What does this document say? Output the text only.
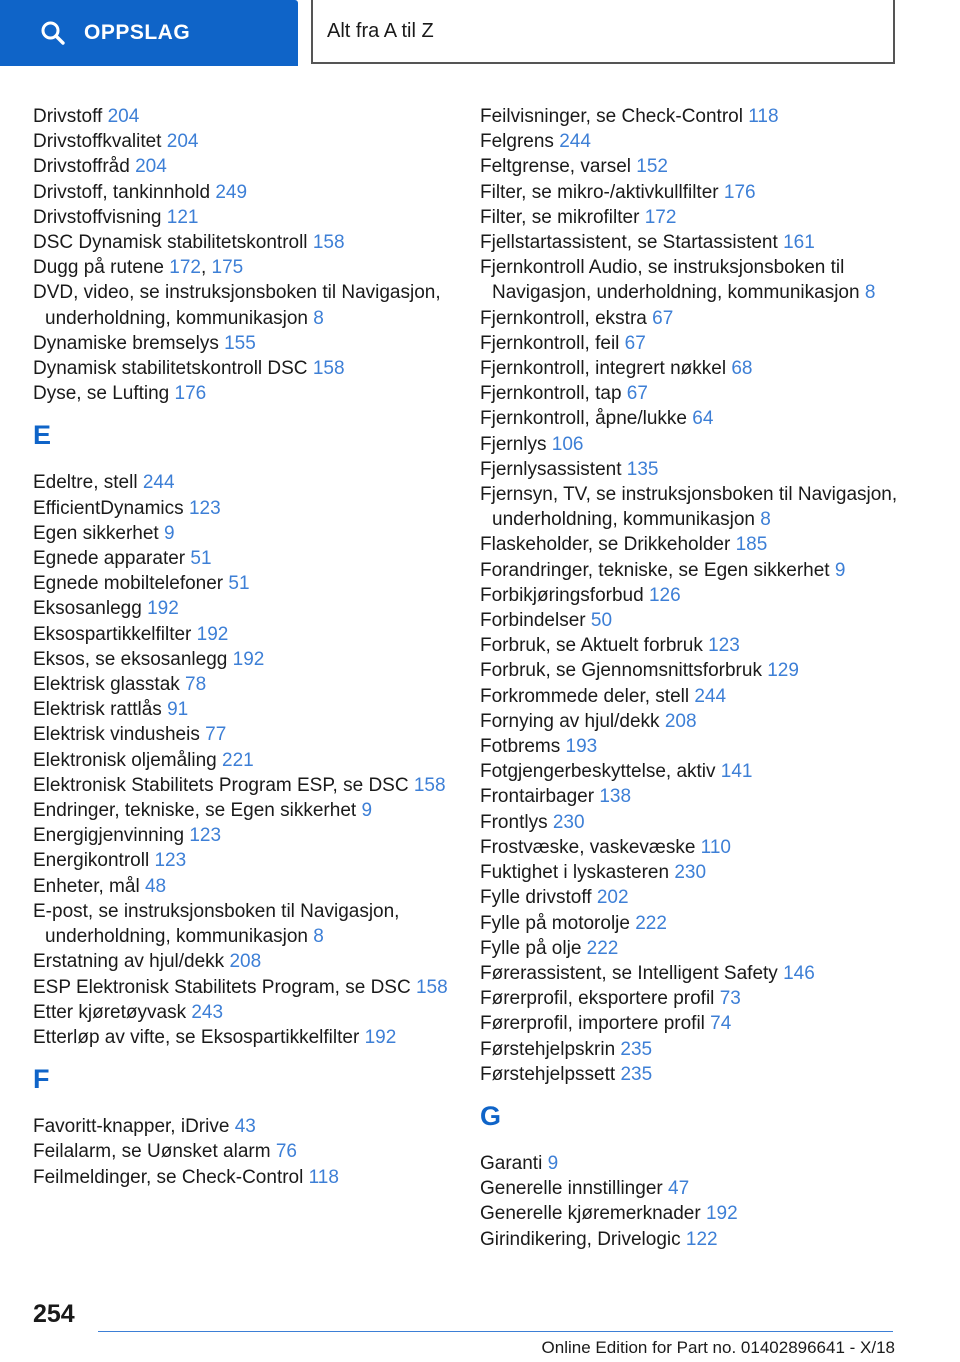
OPPSLAG	Alt fra A til Z
Drivstoff 204
Drivstoffkvalitet 204
Drivstoffråd 204
Drivstoff, tankinnhold 249
Drivstoffvisning 121
DSC Dynamisk stabilitetskontroll 158
Dugg på rutene 172, 175
DVD, video, se instruksjonsboken til Navigasjon, underholdning, kommunikasjon 8
Dynamiske bremselys 155
Dynamisk stabilitetskontroll DSC 158
Dyse, se Lufting 176
E
Edeltre, stell 244
EfficientDynamics 123
Egen sikkerhet 9
Egnede apparater 51
Egnede mobiltelefoner 51
Eksosanlegg 192
Eksospartikkelfilter 192
Eksos, se eksosanlegg 192
Elektrisk glasstak 78
Elektrisk rattlås 91
Elektrisk vindusheis 77
Elektronisk oljemåling 221
Elektronisk Stabilitets Program ESP, se DSC 158
Endringer, tekniske, se Egen sikkerhet 9
Energigjenvinning 123
Energikontroll 123
Enheter, mål 48
E-post, se instruksjonsboken til Navigasjon, underholdning, kommunikasjon 8
Erstatning av hjul/dekk 208
ESP Elektronisk Stabilitets Program, se DSC 158
Etter kjøretøyvask 243
Etterløp av vifte, se Eksospartikkelfilter 192
F
Favoritt-knapper, iDrive 43
Feilalarm, se Uønsket alarm 76
Feilmeldinger, se Check-Control 118
Feilvisninger, se Check-Control 118
Felgrens 244
Feltgrense, varsel 152
Filter, se mikro-/aktivkullfilter 176
Filter, se mikrofilter 172
Fjellstartassistent, se Startassistent 161
Fjernkontroll Audio, se instruksjonsboken til Navigasjon, underholdning, kommunikasjon 8
Fjernkontroll, ekstra 67
Fjernkontroll, feil 67
Fjernkontroll, integrert nøkkel 68
Fjernkontroll, tap 67
Fjernkontroll, åpne/lukke 64
Fjernlys 106
Fjernlysassistent 135
Fjernsyn, TV, se instruksjonsboken til Navigasjon, underholdning, kommunikasjon 8
Flaskeholder, se Drikkeholder 185
Forandringer, tekniske, se Egen sikkerhet 9
Forbikjøringsforbud 126
Forbindelser 50
Forbruk, se Aktuelt forbruk 123
Forbruk, se Gjennomsnittsforbruk 129
Forkrommede deler, stell 244
Fornying av hjul/dekk 208
Fotbrems 193
Fotgjengerbeskyttelse, aktiv 141
Frontairbager 138
Frontlys 230
Frostvæske, vaskevæske 110
Fuktighet i lyskasteren 230
Fylle drivstoff 202
Fylle på motorolje 222
Fylle på olje 222
Førerassistent, se Intelligent Safety 146
Førerprofil, eksportere profil 73
Førerprofil, importere profil 74
Førstehjelpskrin 235
Førstehjelpssett 235
G
Garanti 9
Generelle innstillinger 47
Generelle kjøremerknader 192
Girindikering, Drivelogic 122
254
Online Edition for Part no. 01402896641 - X/18
